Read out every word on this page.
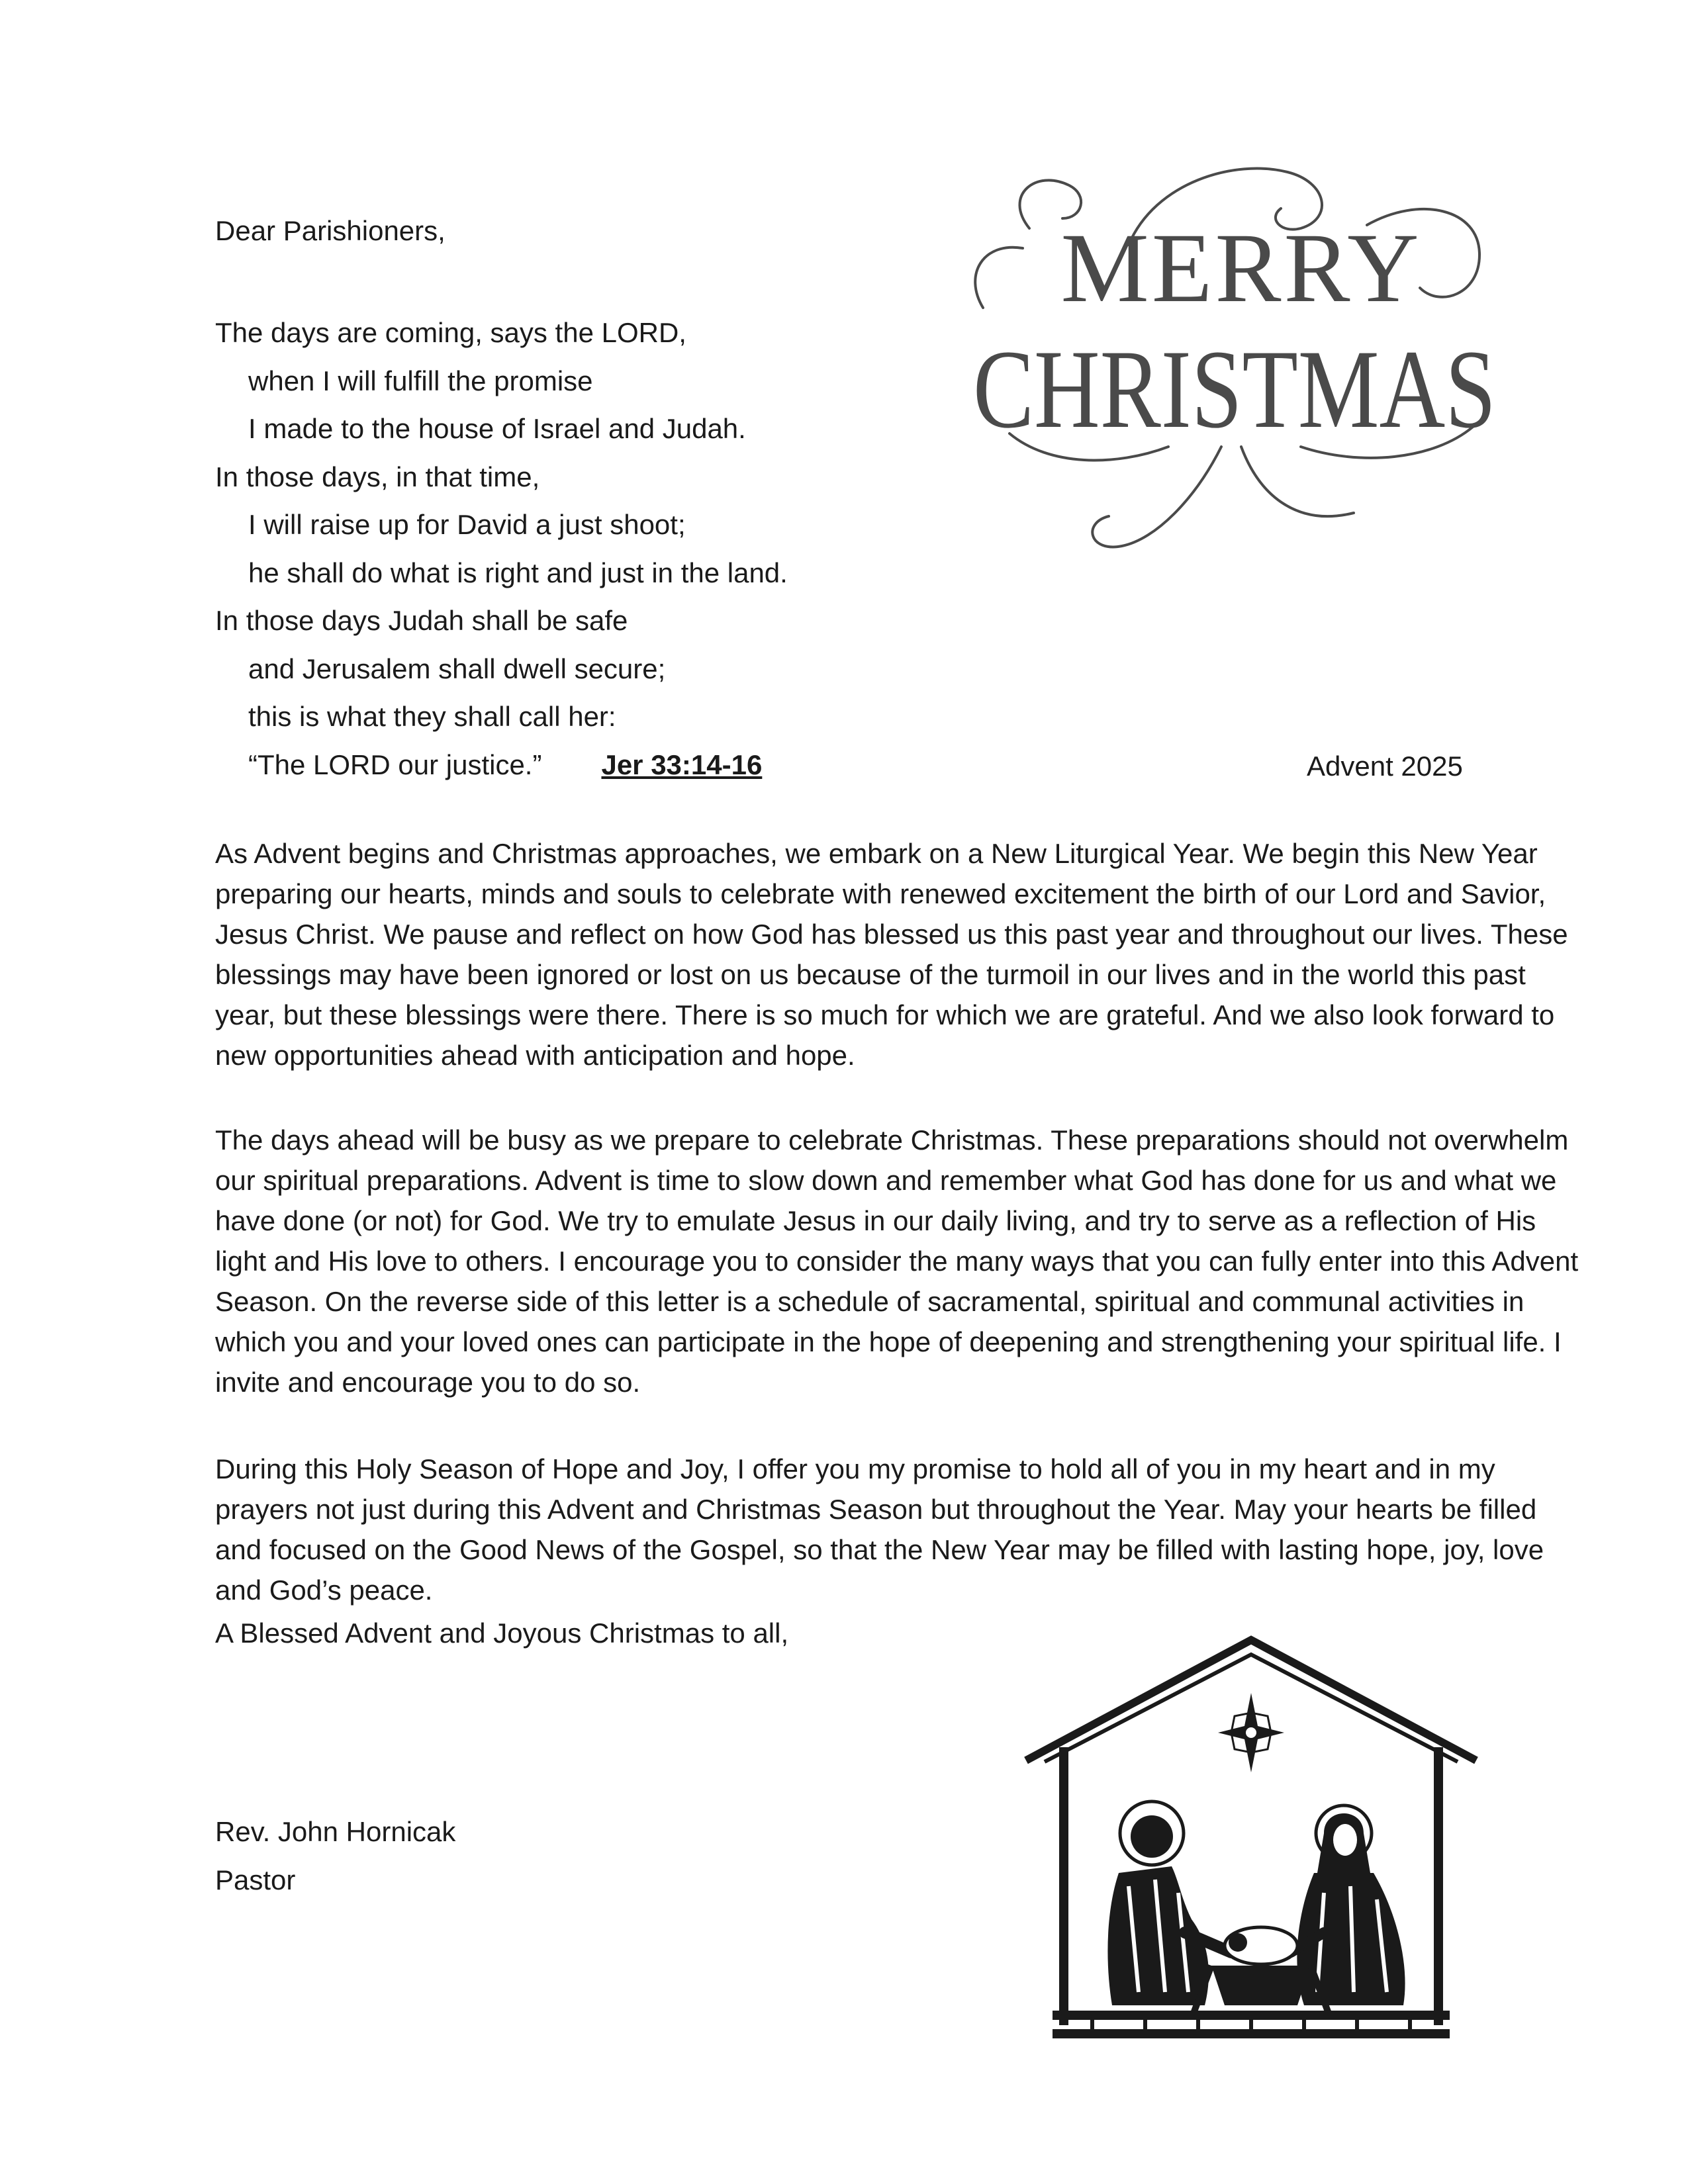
Dear Parishioners,
The days are coming, says the LORD,
when I will fulfill the promise
I made to the house of Israel and Judah.
In those days, in that time,
I will raise up for David a just shoot;
he shall do what is right and just in the land.
In those days Judah shall be safe
and Jerusalem shall dwell secure;
this is what they shall call her:
“The LORD our justice.” Jer 33:14-16	Advent 2025

As Advent begins and Christmas approaches, we embark on a New Liturgical Year. We begin this New Year preparing our hearts, minds and souls to celebrate with renewed excitement the birth of our Lord and Savior, Jesus Christ. We pause and reflect on how God has blessed us this past year and throughout our lives. These blessings may have been ignored or lost on us because of the turmoil in our lives and in the world this past year, but these blessings were there. There is so much for which we are grateful. And we also look forward to new opportunities ahead with anticipation and hope.

The days ahead will be busy as we prepare to celebrate Christmas. These preparations should not overwhelm our spiritual preparations. Advent is time to slow down and remember what God has done for us and what we have done (or not) for God. We try to emulate Jesus in our daily living, and try to serve as a reflection of His light and His love to others. I encourage you to consider the many ways that you can fully enter into this Advent Season. On the reverse side of this letter is a schedule of sacramental, spiritual and communal activities in which you and your loved ones can participate in the hope of deepening and strengthening your spiritual life. I invite and encourage you to do so.

During this Holy Season of Hope and Joy, I offer you my promise to hold all of you in my heart and in my prayers not just during this Advent and Christmas Season but throughout the Year. May your hearts be filled and focused on the Good News of the Gospel, so that the New Year may be filled with lasting hope, joy, love and God’s peace.

A Blessed Advent and Joyous Christmas to all,
Rev. John Hornicak
Pastor
MERRY
CHRISTMAS
